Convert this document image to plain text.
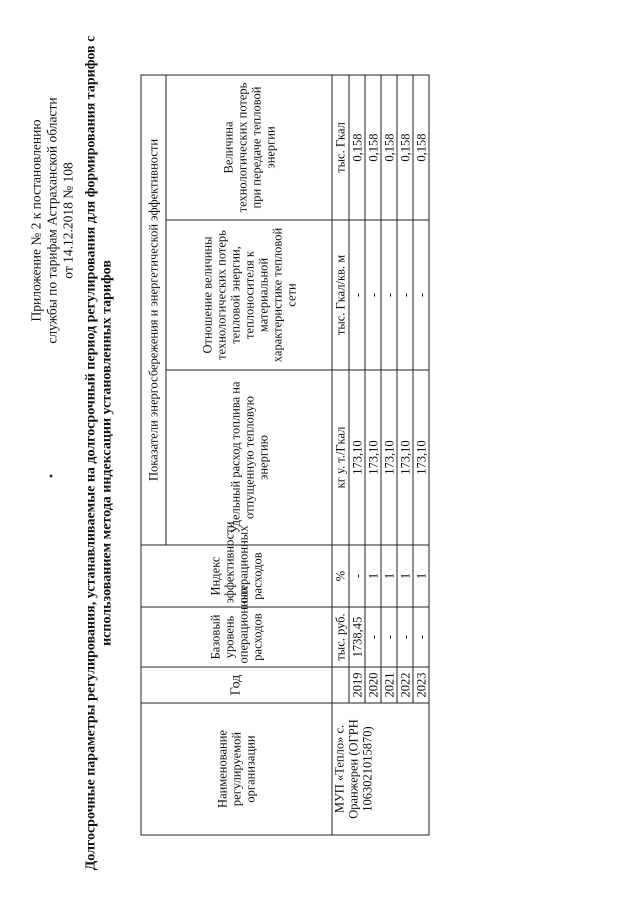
Приложение № 2 к постановлению службы по тарифам Астраханской области от 14.12.2018 № 108 Долгосрочные параметры регулирования, устанавливаемые на долгосрочный период регулирования для формирования тарифов с использованием метода индексации установленных тарифов
Наименование регулируемой организации	Год	Базовый уровень операционных расходов	Индекс эффективности операционных расходов	Показатели энергосбережения и энергетической эффективности		
				Удельный расход топлива на отпущенную тепловую энергию	Отношение величины технологических потерь тепловой энергии, теплоносителя к материальной характеристике тепловой сети	Величина технологических потерь при передаче тепловой энергии
МУП «Тепло» с. Оранжереи (ОГРН 1063021015870)		тыс. руб.	%	кг у. т./Гкал	тыс. Гкал/кв. м	тыс. Гкал
	2019	1738,45	-	173,10	-	0,158
	2020	-	1	173,10	-	0,158
	2021	-	1	173,10	-	0,158
	2022	-	1	173,10	-	0,158
	2023	-	1	173,10	-	0,158
